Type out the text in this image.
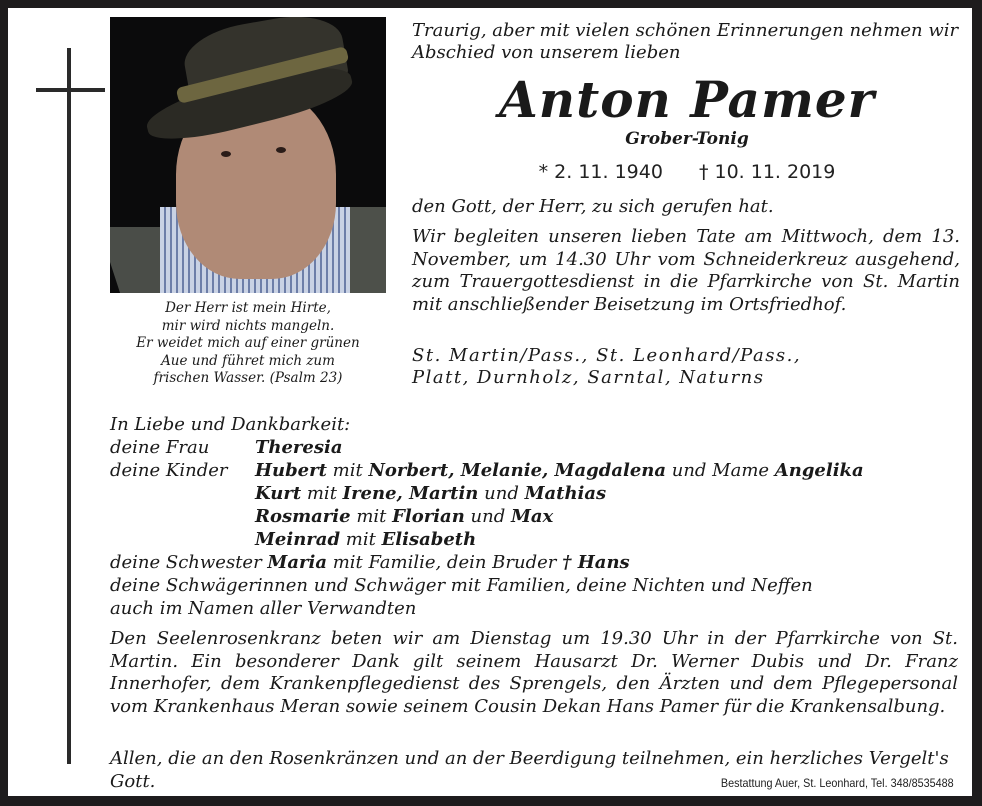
Der Herr ist mein Hirte,
mir wird nichts mangeln.
Er weidet mich auf einer grünen
Aue und führet mich zum
frischen Wasser. (Psalm 23)
Traurig, aber mit vielen schönen Erinnerungen nehmen wir Abschied von unserem lieben
Anton Pamer
Grober-Tonig
* 2. 11. 1940 † 10. 11. 2019
den Gott, der Herr, zu sich gerufen hat.
Wir begleiten unseren lieben Tate am Mittwoch, dem 13. November, um 14.30 Uhr vom Schneiderkreuz ausgehend, zum Trauergottesdienst in die Pfarrkirche von St. Martin mit anschließender Beisetzung im Ortsfriedhof.
St. Martin/Pass., St. Leonhard/Pass.,
Platt, Durnholz, Sarntal, Naturns
In Liebe und Dankbarkeit:
deine Frau	Theresia
deine Kinder Hubert mit Norbert, Melanie, Magdalena und Mame Angelika
Kurt mit Irene, Martin und Mathias
Rosmarie mit Florian und Max
Meinrad mit Elisabeth
deine Schwester Maria mit Familie, dein Bruder † Hans
deine Schwägerinnen und Schwäger mit Familien, deine Nichten und Neffen
auch im Namen aller Verwandten
Den Seelenrosenkranz beten wir am Dienstag um 19.30 Uhr in der Pfarrkirche von St. Martin. Ein besonderer Dank gilt seinem Hausarzt Dr. Werner Dubis und Dr. Franz Innerhofer, dem Krankenpflegedienst des Sprengels, den Ärzten und dem Pflegepersonal vom Krankenhaus Meran sowie seinem Cousin Dekan Hans Pamer für die Krankensalbung.
Allen, die an den Rosenkränzen und an der Beerdigung teilnehmen, ein herzliches Vergelt's Gott.	Bestattung Auer, St. Leonhard, Tel. 348/8535488
